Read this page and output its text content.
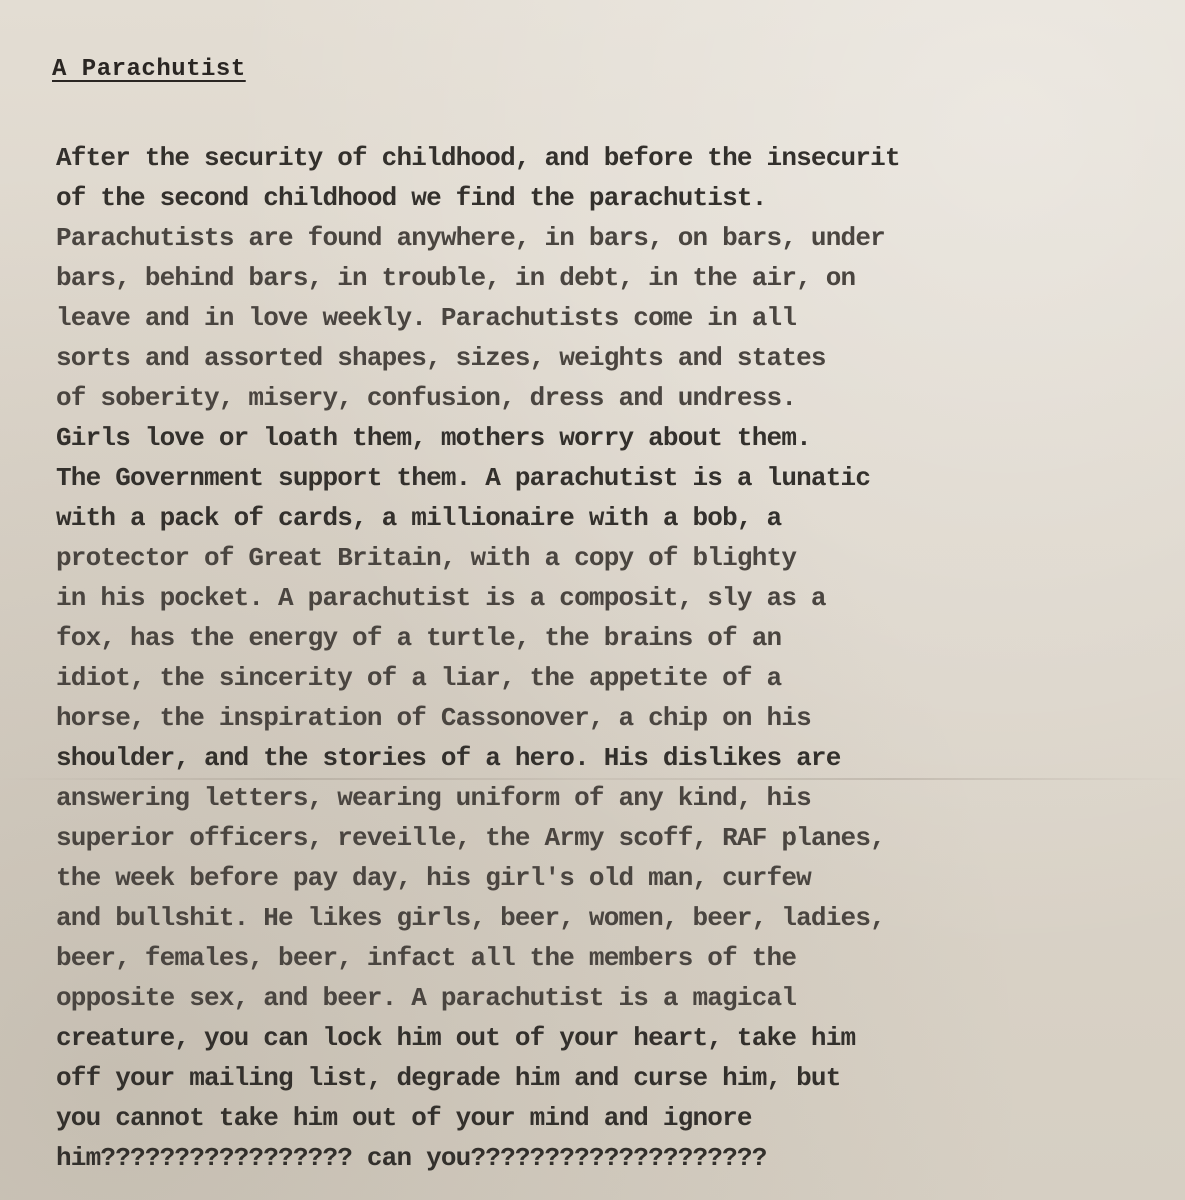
A Parachutist
After the security of childhood, and before the insecurit
of the second childhood we find the parachutist.
Parachutists are found anywhere, in bars, on bars, under
bars, behind bars, in trouble, in debt, in the air, on
leave and in love weekly. Parachutists come in all
sorts and assorted shapes, sizes, weights and states
of soberity, misery, confusion, dress and undress.
Girls love or loath them, mothers worry about them.
The Government support them. A parachutist is a lunatic
with a pack of cards, a millionaire with a bob, a
protector of Great Britain, with a copy of blighty
in his pocket. A parachutist is a composit, sly as a
fox, has the energy of a turtle, the brains of an
idiot, the sincerity of a liar, the appetite of a
horse, the inspiration of Cassonover, a chip on his
shoulder, and the stories of a hero. His dislikes are
answering letters, wearing uniform of any kind, his
superior officers, reveille, the Army scoff, RAF planes,
the week before pay day, his girl's old man, curfew
and bullshit. He likes girls, beer, women, beer, ladies,
beer, females, beer, infact all the members of the
opposite sex, and beer. A parachutist is a magical
creature, you can lock him out of your heart, take him
off your mailing list, degrade him and curse him, but
you cannot take him out of your mind and ignore
him????????????????? can you????????????????????
